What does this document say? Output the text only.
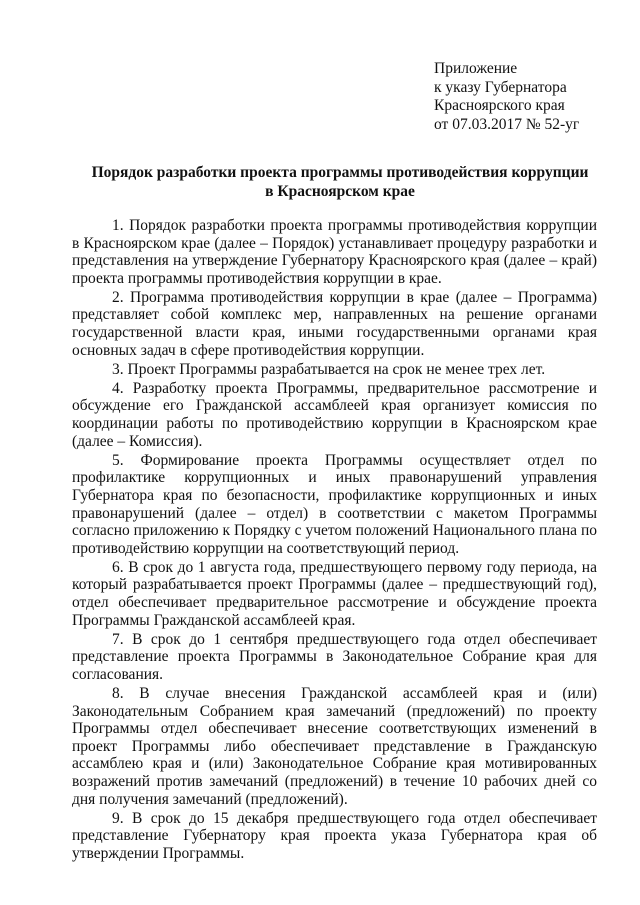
Приложение
к указу Губернатора
Красноярского края
от 07.03.2017 № 52-уг
Порядок разработки проекта программы противодействия коррупции
в Красноярском крае

1. Порядок разработки проекта программы противодействия коррупции в Красноярском крае (далее – Порядок) устанавливает процедуру разработки и представления на утверждение Губернатору Красноярского края (далее – край) проекта программы противодействия коррупции в крае.

2. Программа противодействия коррупции в крае (далее – Программа) представляет собой комплекс мер, направленных на решение органами государственной власти края, иными государственными органами края основных задач в сфере противодействия коррупции.

3. Проект Программы разрабатывается на срок не менее трех лет.

4. Разработку проекта Программы, предварительное рассмотрение и обсуждение его Гражданской ассамблеей края организует комиссия по координации работы по противодействию коррупции в Красноярском крае (далее – Комиссия).

5. Формирование проекта Программы осуществляет отдел по профилактике коррупционных и иных правонарушений управления Губернатора края по безопасности, профилактике коррупционных и иных правонарушений (далее – отдел) в соответствии с макетом Программы согласно приложению к Порядку с учетом положений Национального плана по противодействию коррупции на соответствующий период.

6. В срок до 1 августа года, предшествующего первому году периода, на который разрабатывается проект Программы (далее – предшествующий год), отдел обеспечивает предварительное рассмотрение и обсуждение проекта Программы Гражданской ассамблеей края.

7. В срок до 1 сентября предшествующего года отдел обеспечивает представление проекта Программы в Законодательное Собрание края для согласования.

8. В случае внесения Гражданской ассамблеей края и (или) Законодательным Собранием края замечаний (предложений) по проекту Программы отдел обеспечивает внесение соответствующих изменений в проект Программы либо обеспечивает представление в Гражданскую ассамблею края и (или) Законодательное Собрание края мотивированных возражений против замечаний (предложений) в течение 10 рабочих дней со дня получения замечаний (предложений).

9. В срок до 15 декабря предшествующего года отдел обеспечивает представление Губернатору края проекта указа Губернатора края об утверждении Программы.
